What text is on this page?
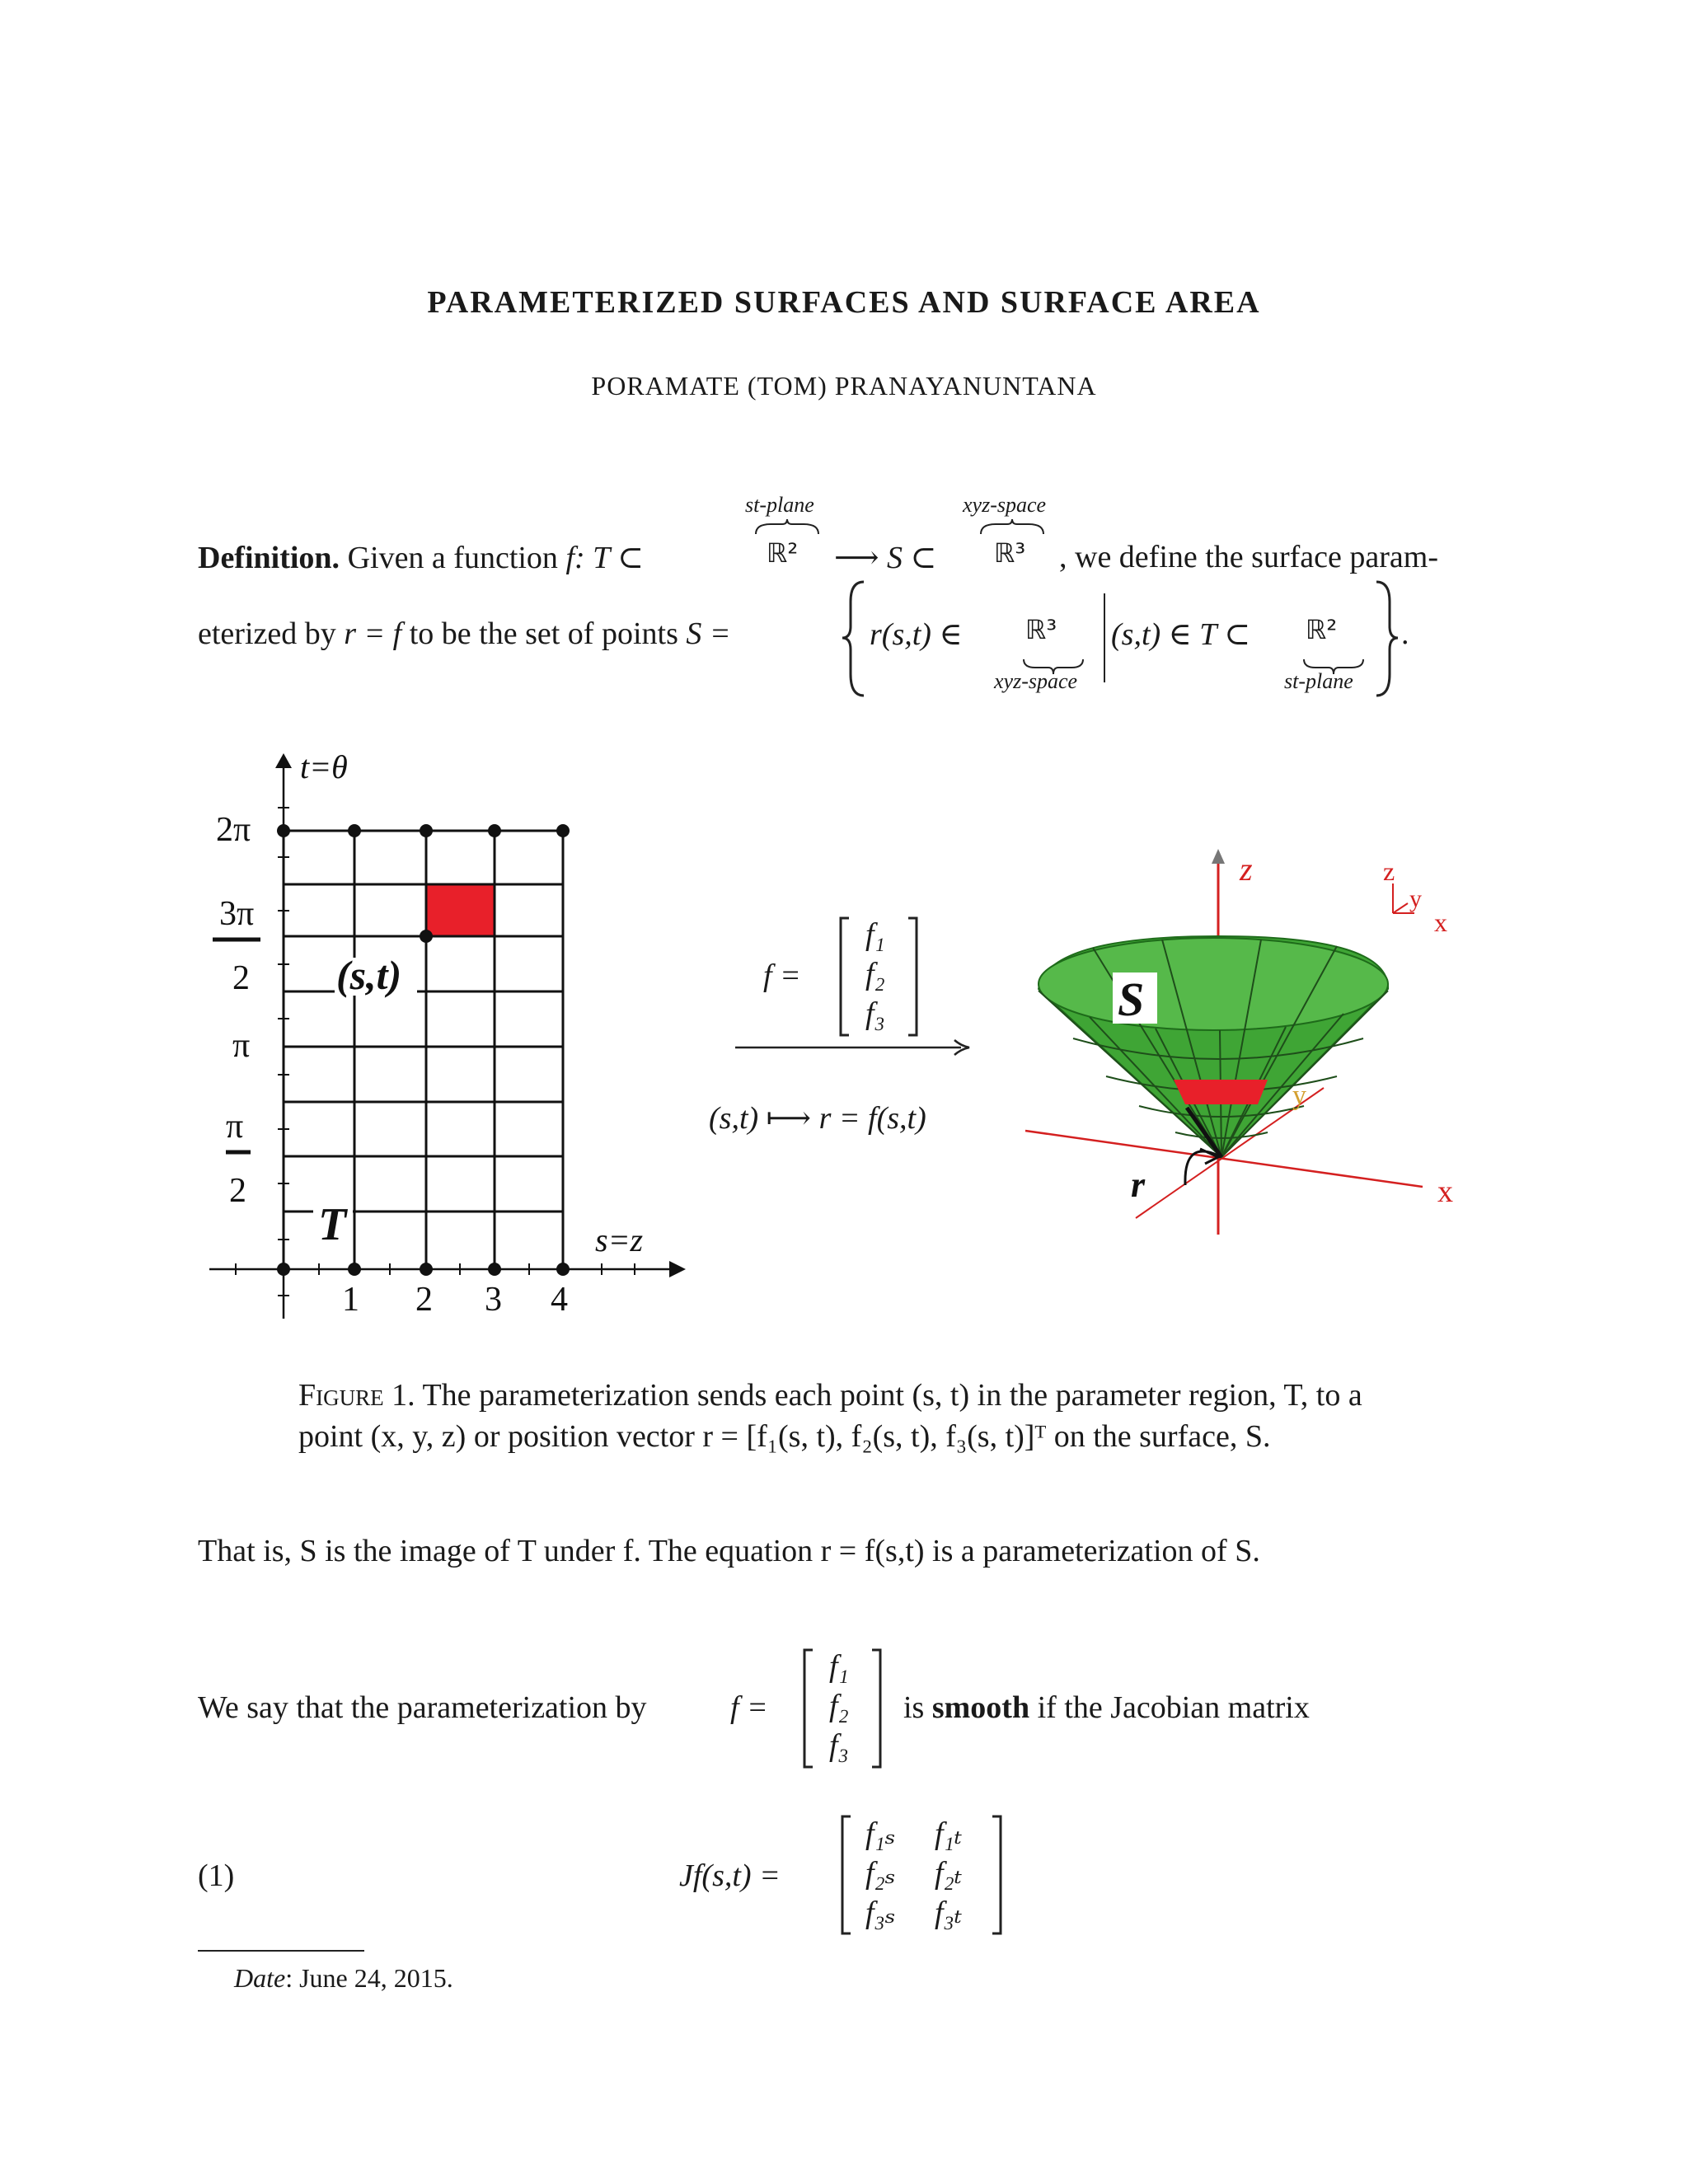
PARAMETERIZED SURFACES AND SURFACE AREA
PORAMATE (TOM) PRANAYANUNTANA
Definition. Given a function f: T ⊂	ℝ²
st-plane
⟶ S ⊂ ℝ³
xyz-space
, we define the surface param-
eterized by r = f to be the set of points S =	r(s,t) ∈ ℝ³
xyz-space
(s,t) ∈ T ⊂ ℝ²
st-plane
.
t=θ
s=z
2π
3π
2
π
π
2
1 2 3 4
(s,t)
T
f =
f₁
f₂
f₃
(s,t) ⟼ r = f(s,t)
z
x
r
y
S
z
y
x
Figure 1. The parameterization sends each point (s, t) in the parameter region, T, to a point (x, y, z) or position vector r = [f₁(s, t), f₂(s, t), f₃(s, t)]ᵀ on the surface, S.
That is, S is the image of T under f. The equation r = f(s,t) is a parameterization of S.
We say that the parameterization by	f =
f₁
f₂
f₃
is smooth if the Jacobian matrix
(1)	Jf(s,t) =
f₁ₛ f₁ₜ
f₂ₛ f₂ₜ
f₃ₛ f₃ₜ
Date: June 24, 2015.
